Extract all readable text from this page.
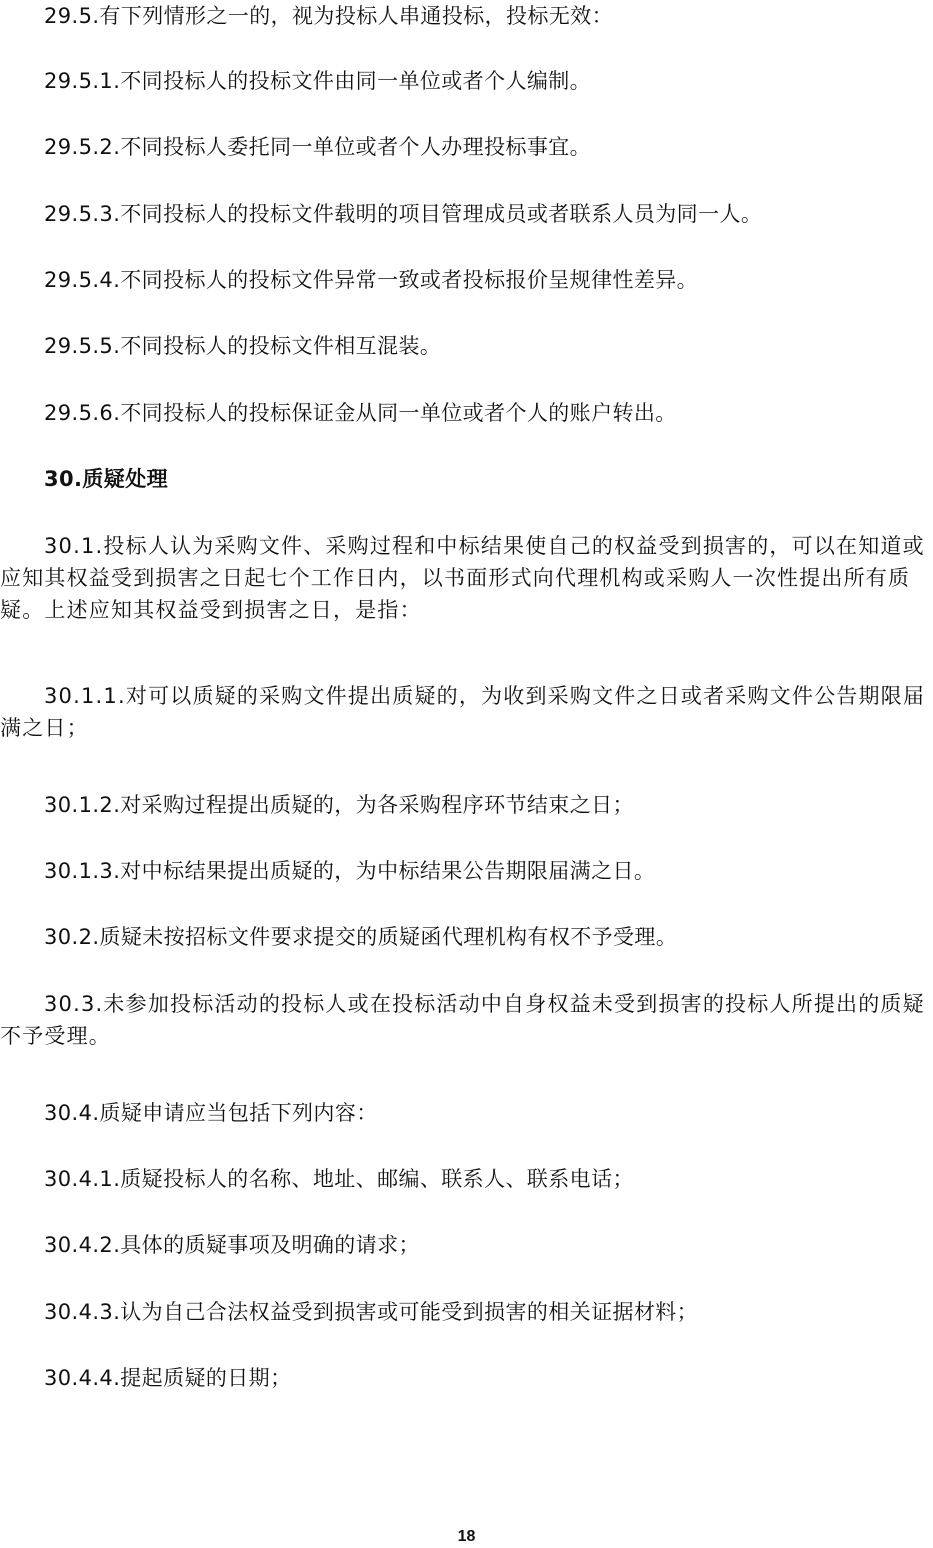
29.5.有下列情形之一的，视为投标人串通投标，投标无效：

29.5.1.不同投标人的投标文件由同一单位或者个人编制。

29.5.2.不同投标人委托同一单位或者个人办理投标事宜。

29.5.3.不同投标人的投标文件载明的项目管理成员或者联系人员为同一人。

29.5.4.不同投标人的投标文件异常一致或者投标报价呈规律性差异。

29.5.5.不同投标人的投标文件相互混装。

29.5.6.不同投标人的投标保证金从同一单位或者个人的账户转出。

30.质疑处理

30.1.投标人认为采购文件、采购过程和中标结果使自己的权益受到损害的，可以在知道或应知其权益受到损害之日起七个工作日内，以书面形式向代理机构或采购人一次性提出所有质疑。上述应知其权益受到损害之日，是指：

30.1.1.对可以质疑的采购文件提出质疑的，为收到采购文件之日或者采购文件公告期限届满之日；

30.1.2.对采购过程提出质疑的，为各采购程序环节结束之日；

30.1.3.对中标结果提出质疑的，为中标结果公告期限届满之日。

30.2.质疑未按招标文件要求提交的质疑函代理机构有权不予受理。

30.3.未参加投标活动的投标人或在投标活动中自身权益未受到损害的投标人所提出的质疑不予受理。

30.4.质疑申请应当包括下列内容：

30.4.1.质疑投标人的名称、地址、邮编、联系人、联系电话；

30.4.2.具体的质疑事项及明确的请求；

30.4.3.认为自己合法权益受到损害或可能受到损害的相关证据材料；

30.4.4.提起质疑的日期；

18
